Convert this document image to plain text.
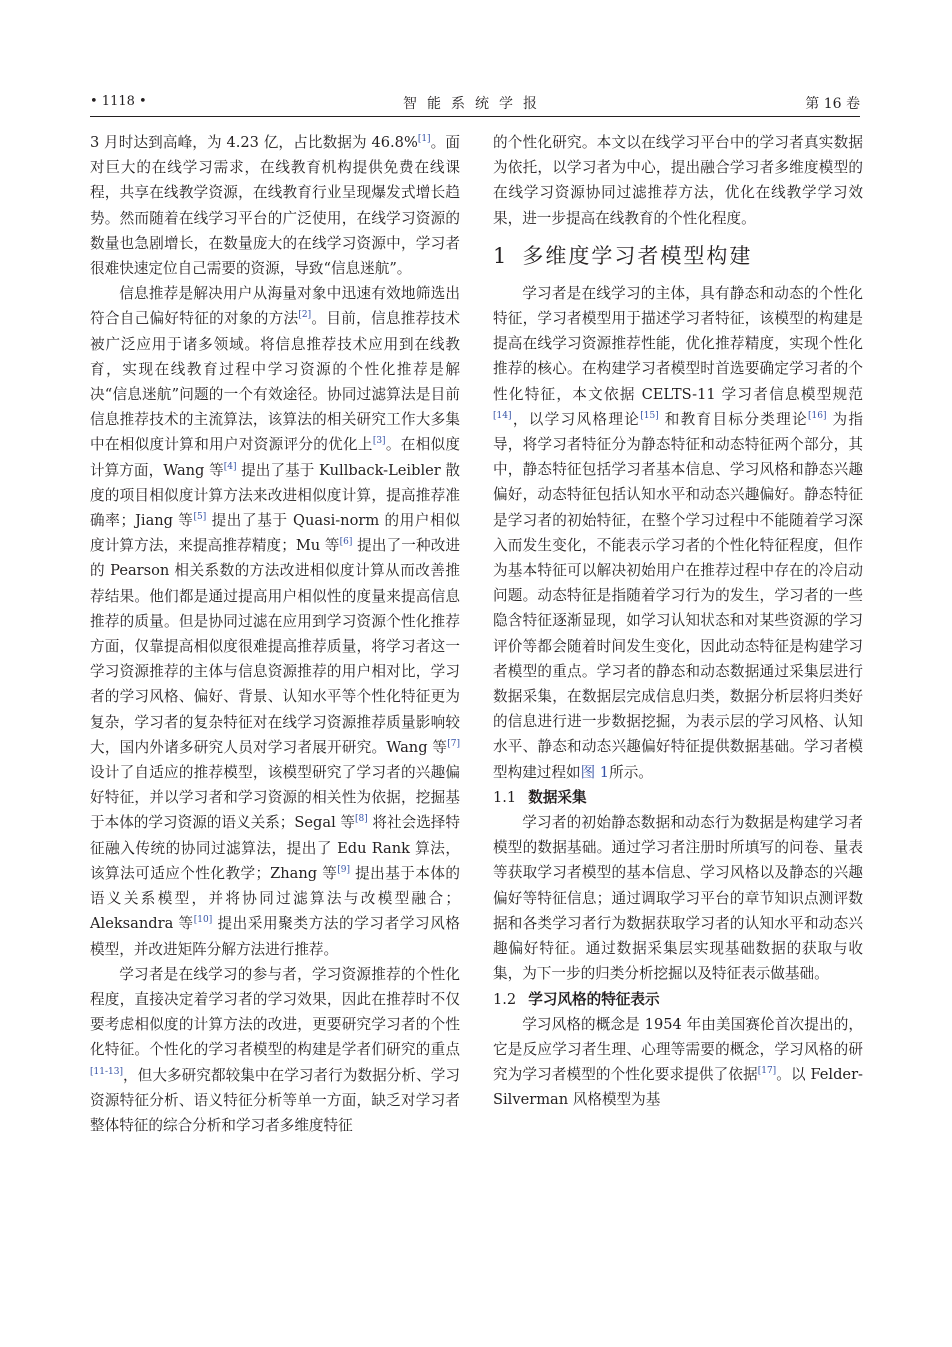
• 1118 •	智能系统学报	第 16 卷

3 月时达到高峰，为 4.23 亿，占比数据为 46.8%[1]。面对巨大的在线学习需求，在线教育机构提供免费在线课程，共享在线教学资源，在线教育行业呈现爆发式增长趋势。然而随着在线学习平台的广泛使用，在线学习资源的数量也急剧增长，在数量庞大的在线学习资源中，学习者很难快速定位自己需要的资源，导致“信息迷航”。

信息推荐是解决用户从海量对象中迅速有效地筛选出符合自己偏好特征的对象的方法[2]。目前，信息推荐技术被广泛应用于诸多领域。将信息推荐技术应用到在线教育，实现在线教育过程中学习资源的个性化推荐是解决“信息迷航”问题的一个有效途径。协同过滤算法是目前信息推荐技术的主流算法，该算法的相关研究工作大多集中在相似度计算和用户对资源评分的优化上[3]。在相似度计算方面，Wang 等[4] 提出了基于 Kullback-Leibler 散度的项目相似度计算方法来改进相似度计算，提高推荐准确率；Jiang 等[5] 提出了基于 Quasi-norm 的用户相似度计算方法，来提高推荐精度；Mu 等[6] 提出了一种改进的 Pearson 相关系数的方法改进相似度计算从而改善推荐结果。他们都是通过提高用户相似性的度量来提高信息推荐的质量。但是协同过滤在应用到学习资源个性化推荐方面，仅靠提高相似度很难提高推荐质量，将学习者这一学习资源推荐的主体与信息资源推荐的用户相对比，学习者的学习风格、偏好、背景、认知水平等个性化特征更为复杂，学习者的复杂特征对在线学习资源推荐质量影响较大，国内外诸多研究人员对学习者展开研究。Wang 等[7] 设计了自适应的推荐模型，该模型研究了学习者的兴趣偏好特征，并以学习者和学习资源的相关性为依据，挖掘基于本体的学习资源的语义关系；Segal 等[8] 将社会选择特征融入传统的协同过滤算法，提出了 Edu Rank 算法，该算法可适应个性化教学；Zhang 等[9] 提出基于本体的语义关系模型，并将协同过滤算法与改模型融合；Aleksandra 等[10] 提出采用聚类方法的学习者学习风格模型，并改进矩阵分解方法进行推荐。

学习者是在线学习的参与者，学习资源推荐的个性化程度，直接决定着学习者的学习效果，因此在推荐时不仅要考虑相似度的计算方法的改进，更要研究学习者的个性化特征。个性化的学习者模型的构建是学者们研究的重点[11-13]，但大多研究都较集中在学习者行为数据分析、学习资源特征分析、语义特征分析等单一方面，缺乏对学习者整体特征的综合分析和学习者多维度特征

的个性化研究。本文以在线学习平台中的学习者真实数据为依托，以学习者为中心，提出融合学习者多维度模型的在线学习资源协同过滤推荐方法，优化在线教学学习效果，进一步提高在线教育的个性化程度。

1 多维度学习者模型构建

学习者是在线学习的主体，具有静态和动态的个性化特征，学习者模型用于描述学习者特征，该模型的构建是提高在线学习资源推荐性能，优化推荐精度，实现个性化推荐的核心。在构建学习者模型时首选要确定学习者的个性化特征，本文依据 CELTS-11 学习者信息模型规范[14]，以学习风格理论[15] 和教育目标分类理论[16] 为指导，将学习者特征分为静态特征和动态特征两个部分，其中，静态特征包括学习者基本信息、学习风格和静态兴趣偏好，动态特征包括认知水平和动态兴趣偏好。静态特征是学习者的初始特征，在整个学习过程中不能随着学习深入而发生变化，不能表示学习者的个性化特征程度，但作为基本特征可以解决初始用户在推荐过程中存在的冷启动问题。动态特征是指随着学习行为的发生，学习者的一些隐含特征逐渐显现，如学习认知状态和对某些资源的学习评价等都会随着时间发生变化，因此动态特征是构建学习者模型的重点。学习者的静态和动态数据通过采集层进行数据采集，在数据层完成信息归类，数据分析层将归类好的信息进行进一步数据挖掘，为表示层的学习风格、认知水平、静态和动态兴趣偏好特征提供数据基础。学习者模型构建过程如图 1所示。

1.1 数据采集

学习者的初始静态数据和动态行为数据是构建学习者模型的数据基础。通过学习者注册时所填写的问卷、量表等获取学习者模型的基本信息、学习风格以及静态的兴趣偏好等特征信息；通过调取学习平台的章节知识点测评数据和各类学习者行为数据获取学习者的认知水平和动态兴趣偏好特征。通过数据采集层实现基础数据的获取与收集，为下一步的归类分析挖掘以及特征表示做基础。

1.2 学习风格的特征表示

学习风格的概念是 1954 年由美国赛伦首次提出的，它是反应学习者生理、心理等需要的概念，学习风格的研究为学习者模型的个性化要求提供了依据[17]。以 Felder-Silverman 风格模型为基
